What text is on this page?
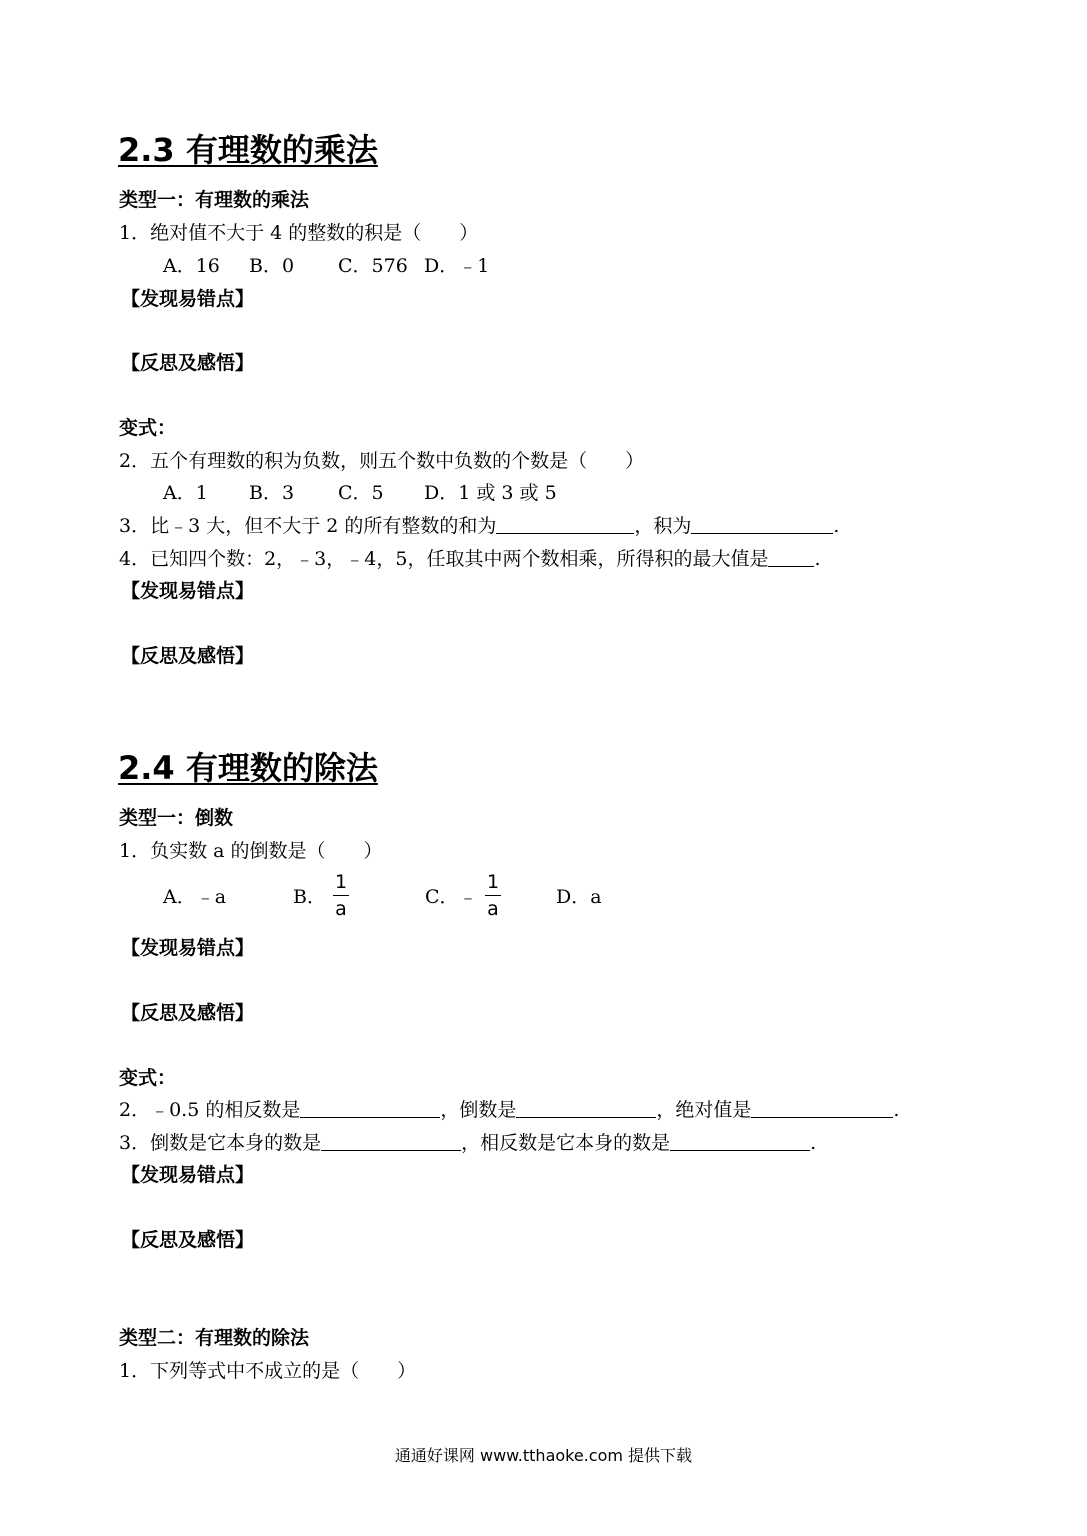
2.3 有理数的乘法
类型一：有理数的乘法
1．绝对值不大于 4 的整数的积是（　　）
A．16 B．0 C．576 D．﹣1
【发现易错点】
【反思及感悟】
变式：
2．五个有理数的积为负数，则五个数中负数的个数是（　　）
A．1 B．3 C．5 D．1 或 3 或 5
3．比﹣3 大，但不大于 2 的所有整数的和为	，积为	.
4．已知四个数：2，﹣3，﹣4，5，任取其中两个数相乘，所得积的最大值是 .
【发现易错点】
【反思及感悟】
2.4 有理数的除法
类型一：倒数
1．负实数 a 的倒数是（　　）
A．﹣a	B．
1
a
C．﹣
1
a
D．a
【发现易错点】
【反思及感悟】
变式：
2．﹣0.5 的相反数是	，倒数是	，绝对值是	.
3．倒数是它本身的数是	，相反数是它本身的数是	.
【发现易错点】
【反思及感悟】
类型二：有理数的除法
1．下列等式中不成立的是（　　）
通通好课网 www.tthaoke.com 提供下载
